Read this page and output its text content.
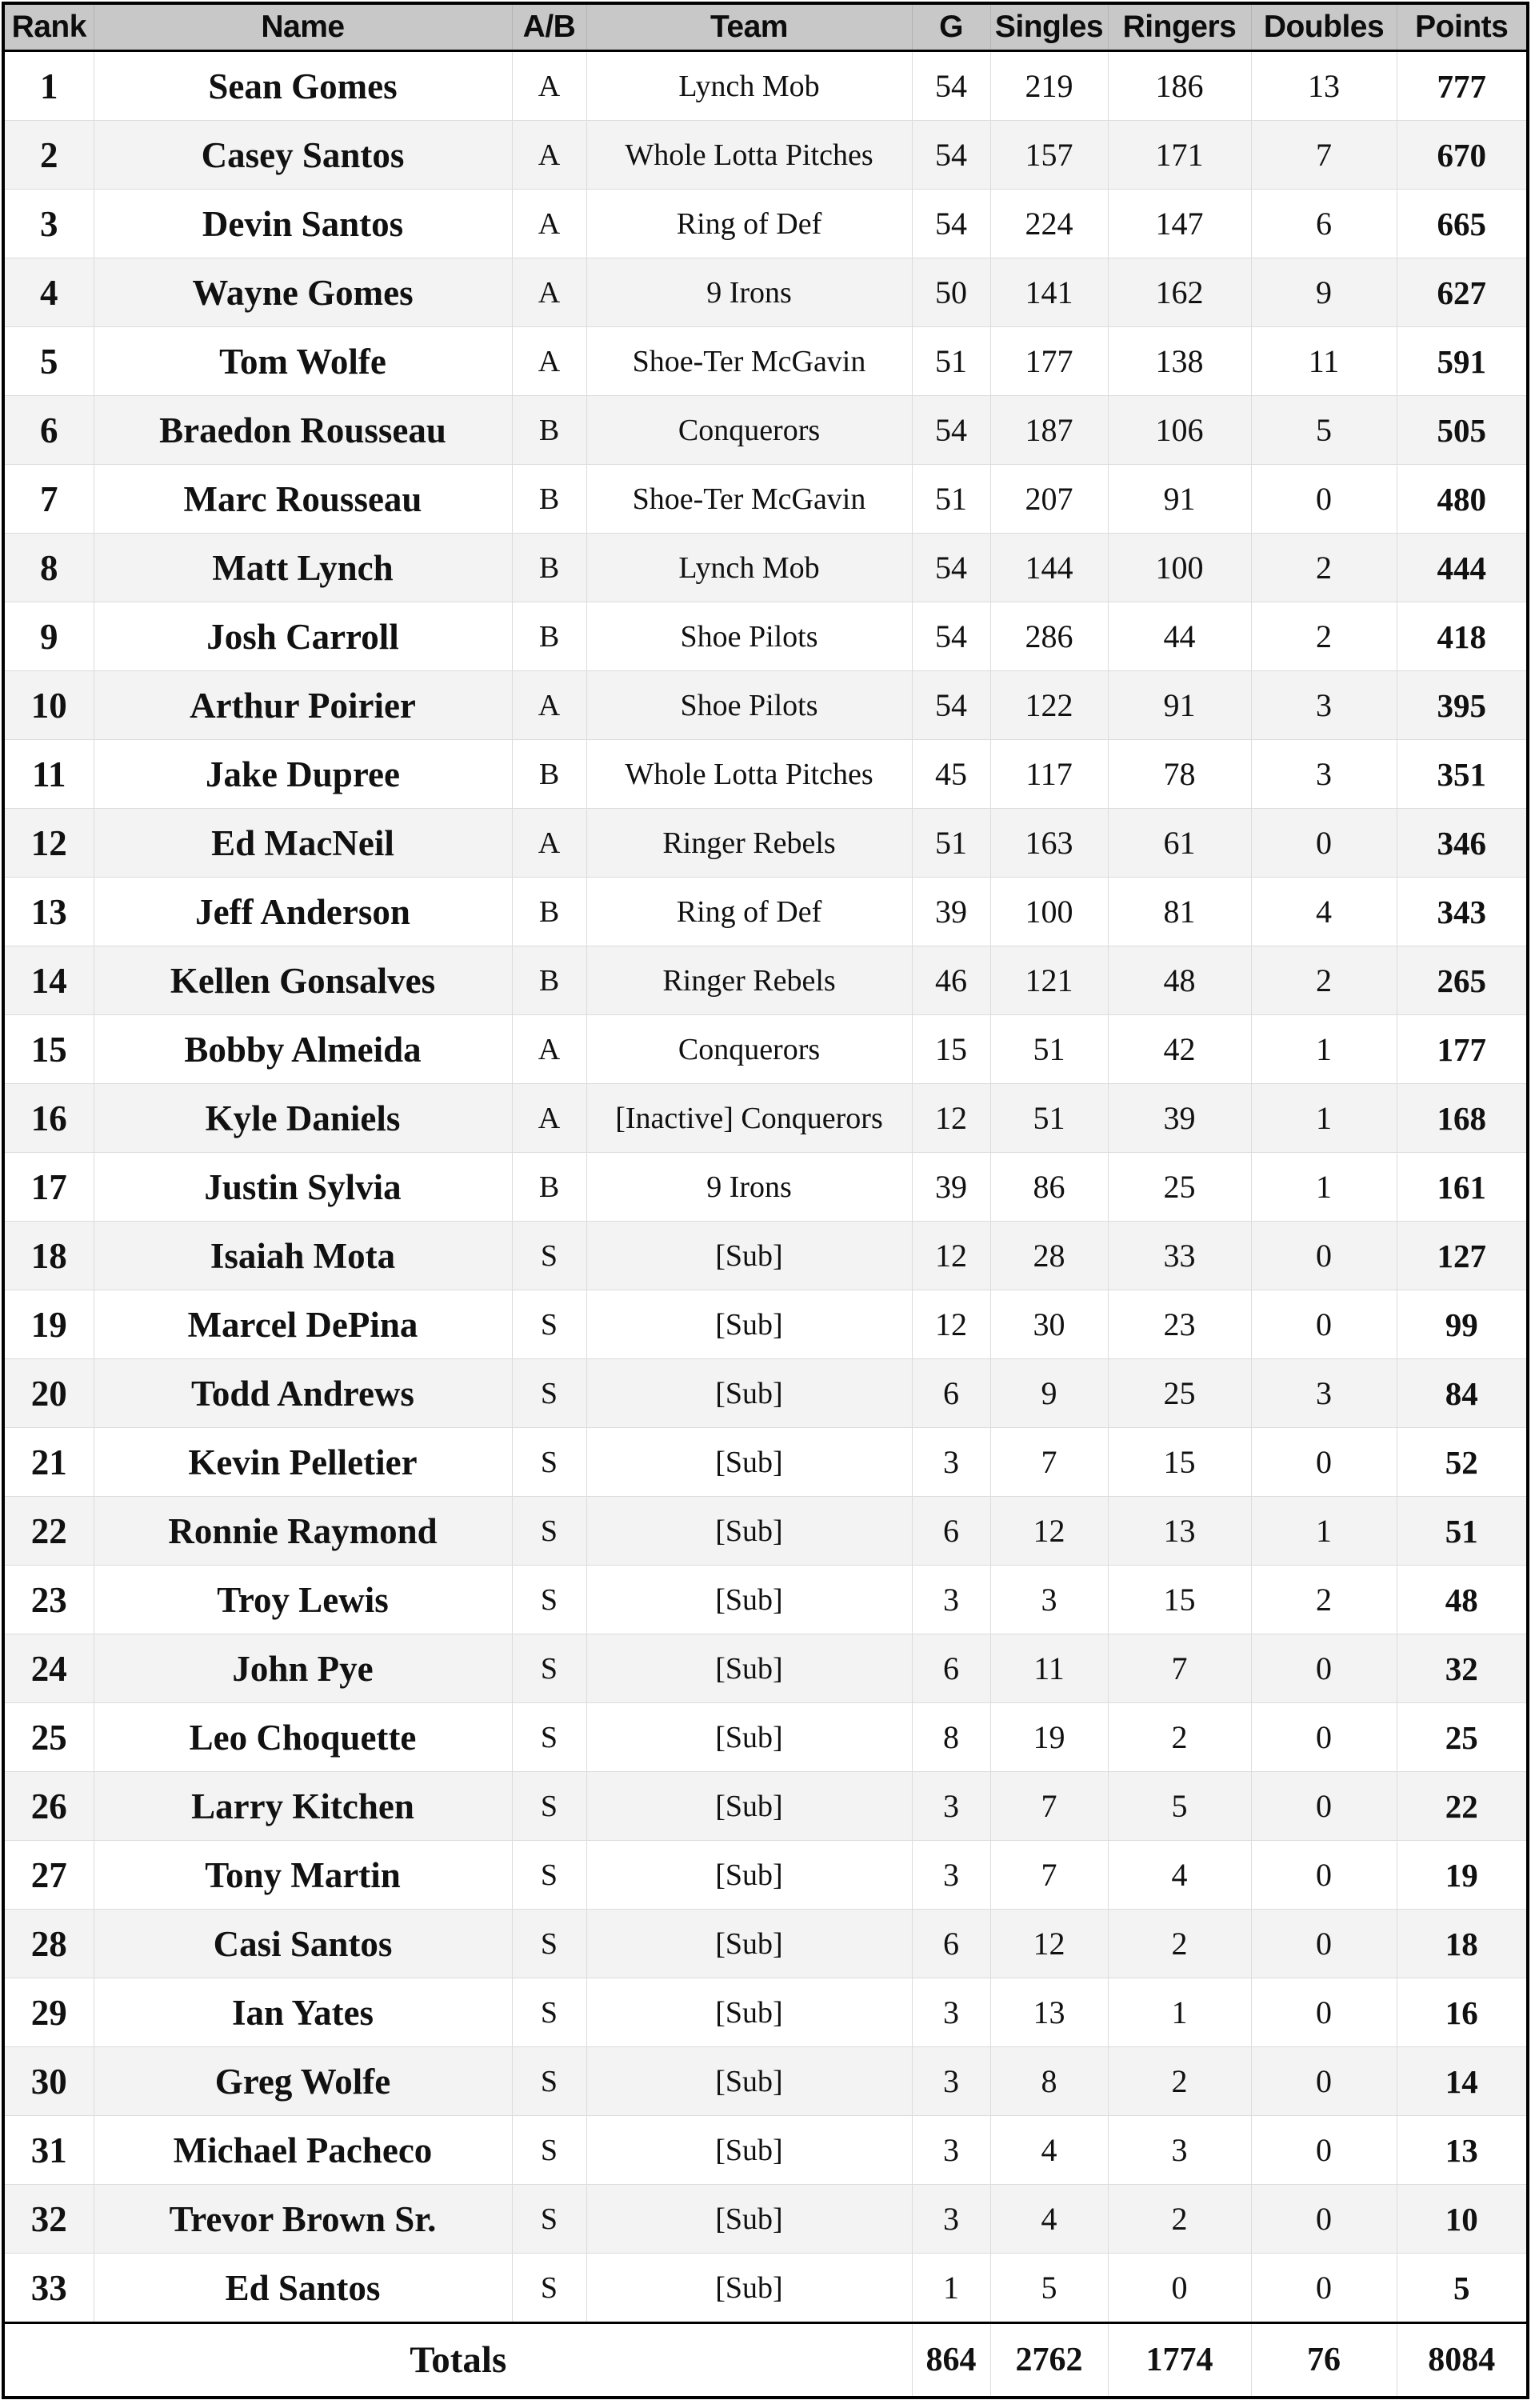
Rank	Name	A/B	Team	G	Singles	Ringers	Doubles	Points
1	Sean Gomes	A	Lynch Mob	54	219	186	13	777
2	Casey Santos	A	Whole Lotta Pitches	54	157	171	7	670
3	Devin Santos	A	Ring of Def	54	224	147	6	665
4	Wayne Gomes	A	9 Irons	50	141	162	9	627
5	Tom Wolfe	A	Shoe-Ter McGavin	51	177	138	11	591
6	Braedon Rousseau	B	Conquerors	54	187	106	5	505
7	Marc Rousseau	B	Shoe-Ter McGavin	51	207	91	0	480
8	Matt Lynch	B	Lynch Mob	54	144	100	2	444
9	Josh Carroll	B	Shoe Pilots	54	286	44	2	418
10	Arthur Poirier	A	Shoe Pilots	54	122	91	3	395
11	Jake Dupree	B	Whole Lotta Pitches	45	117	78	3	351
12	Ed MacNeil	A	Ringer Rebels	51	163	61	0	346
13	Jeff Anderson	B	Ring of Def	39	100	81	4	343
14	Kellen Gonsalves	B	Ringer Rebels	46	121	48	2	265
15	Bobby Almeida	A	Conquerors	15	51	42	1	177
16	Kyle Daniels	A	[Inactive] Conquerors	12	51	39	1	168
17	Justin Sylvia	B	9 Irons	39	86	25	1	161
18	Isaiah Mota	S	[Sub]	12	28	33	0	127
19	Marcel DePina	S	[Sub]	12	30	23	0	99
20	Todd Andrews	S	[Sub]	6	9	25	3	84
21	Kevin Pelletier	S	[Sub]	3	7	15	0	52
22	Ronnie Raymond	S	[Sub]	6	12	13	1	51
23	Troy Lewis	S	[Sub]	3	3	15	2	48
24	John Pye	S	[Sub]	6	11	7	0	32
25	Leo Choquette	S	[Sub]	8	19	2	0	25
26	Larry Kitchen	S	[Sub]	3	7	5	0	22
27	Tony Martin	S	[Sub]	3	7	4	0	19
28	Casi Santos	S	[Sub]	6	12	2	0	18
29	Ian Yates	S	[Sub]	3	13	1	0	16
30	Greg Wolfe	S	[Sub]	3	8	2	0	14
31	Michael Pacheco	S	[Sub]	3	4	3	0	13
32	Trevor Brown Sr.	S	[Sub]	3	4	2	0	10
33	Ed Santos	S	[Sub]	1	5	0	0	5
Totals				864	2762	1774	76	8084
